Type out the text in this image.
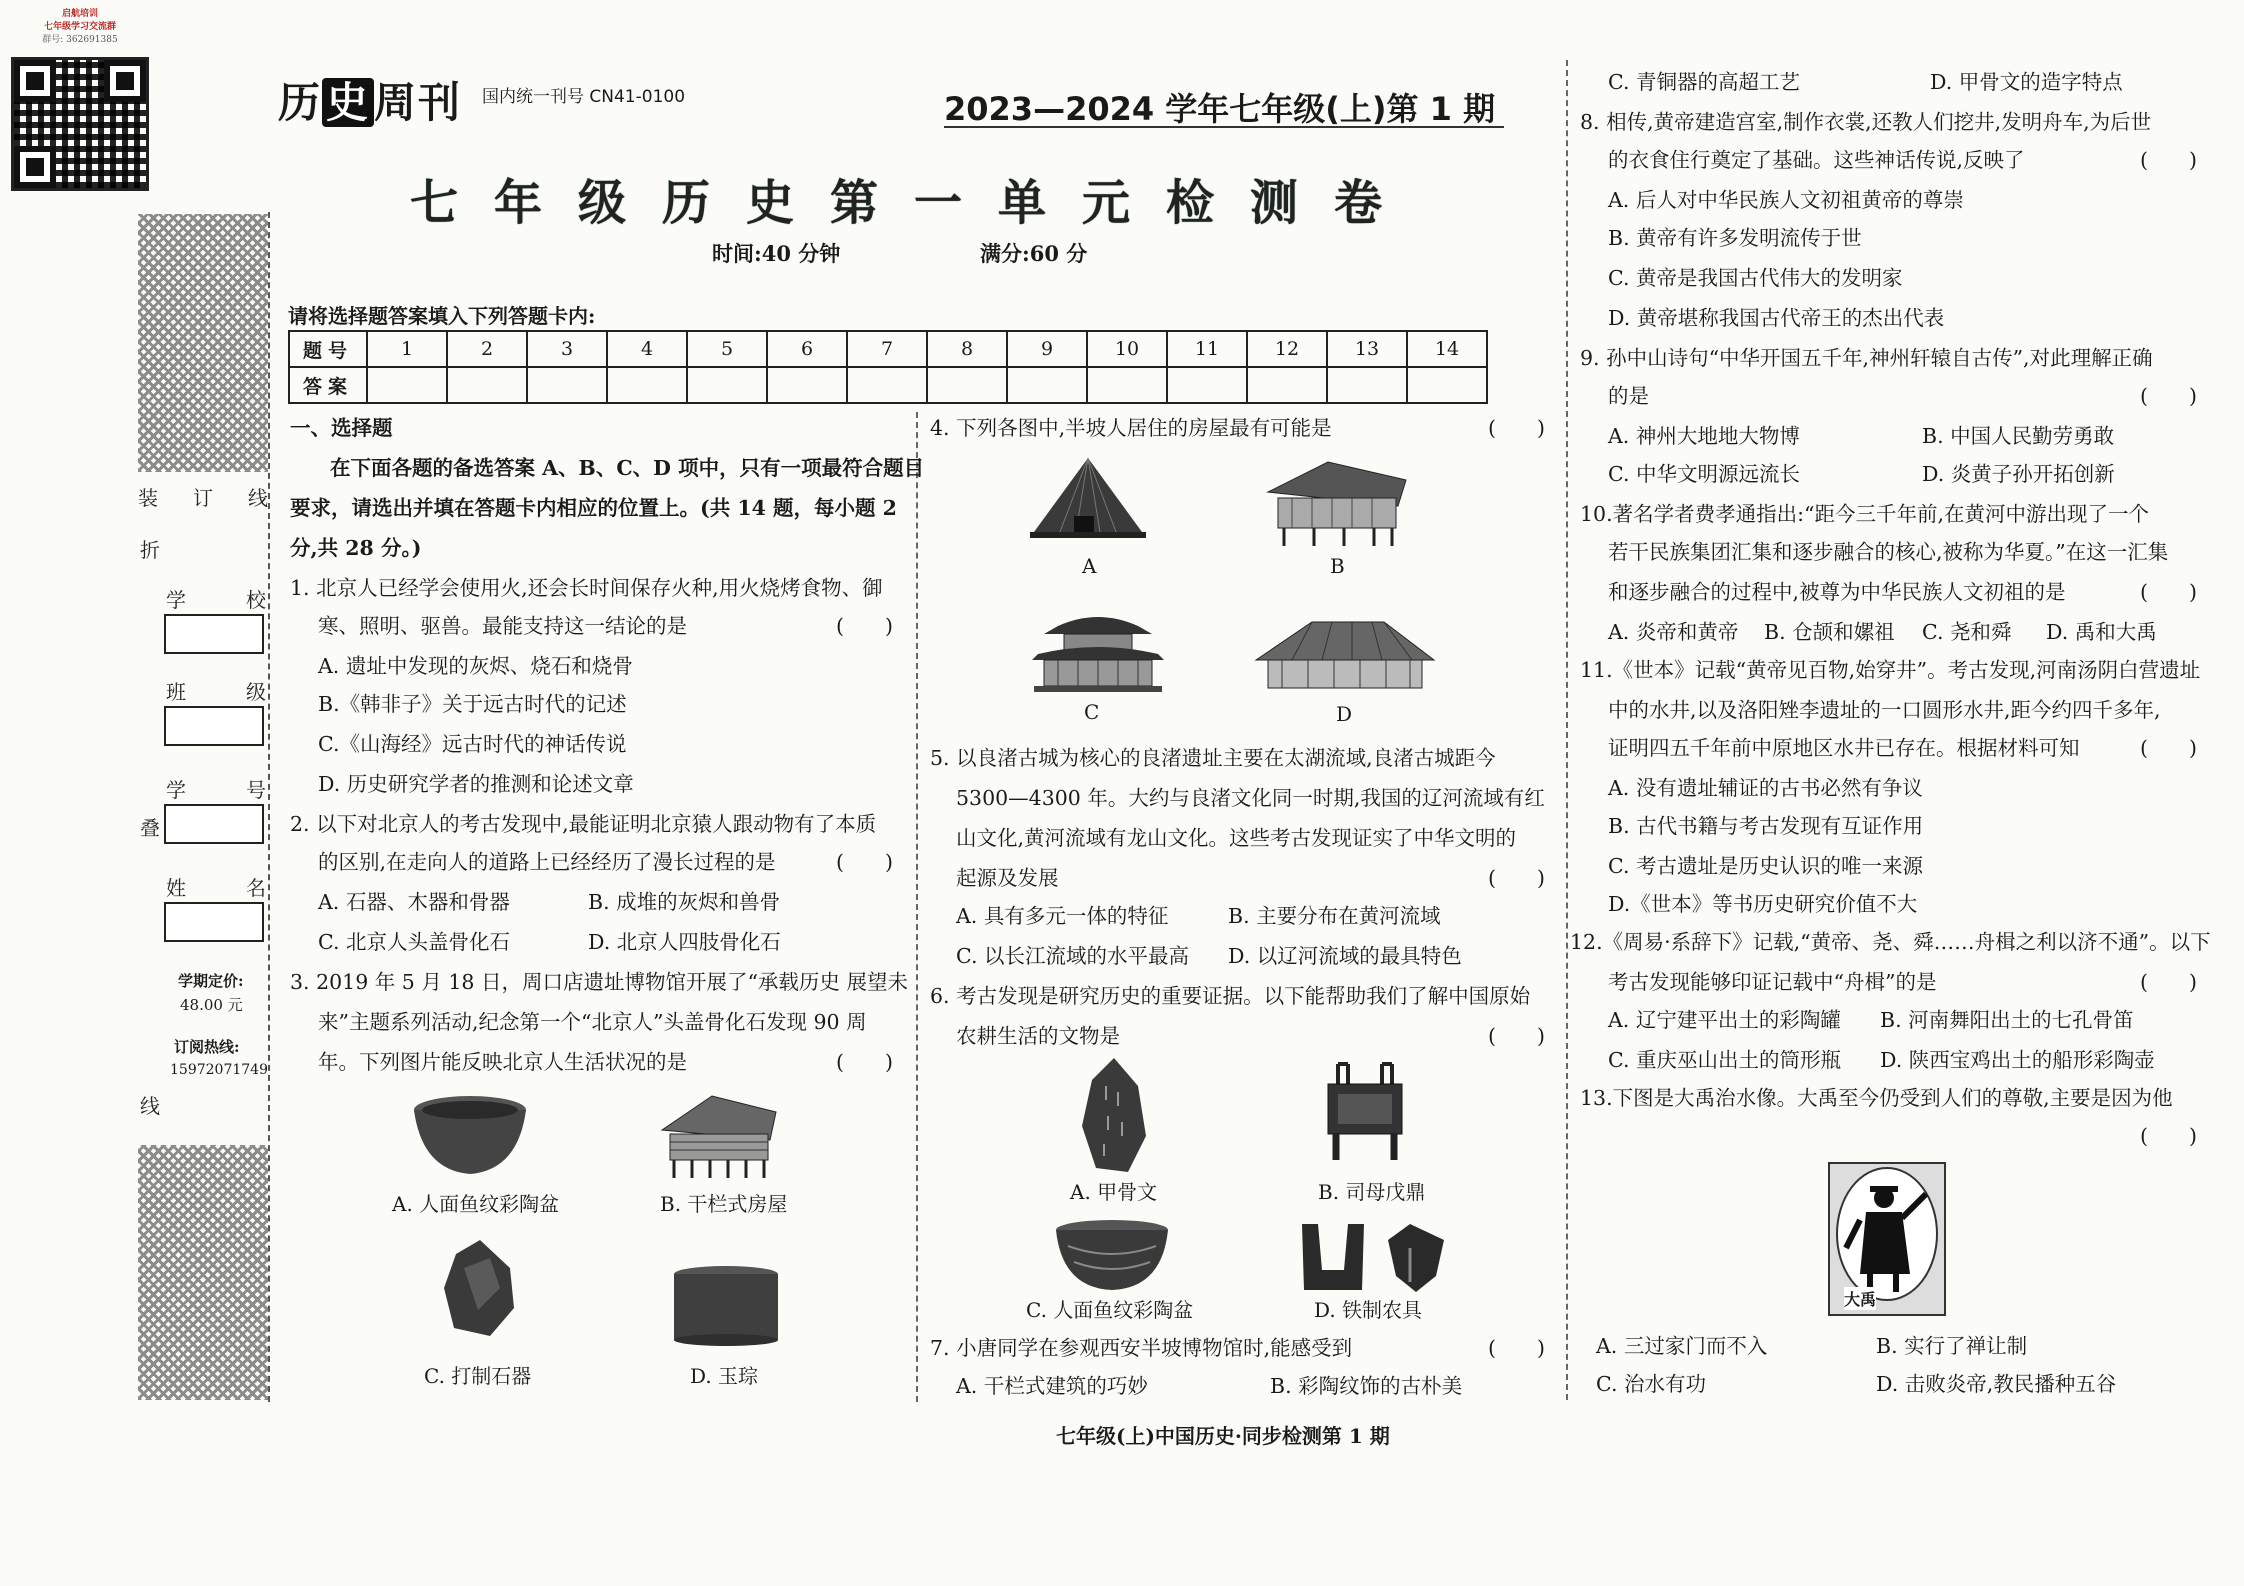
启航培训
七年级学习交流群
群号: 362691385
装 订 线
折
学	校
班	级
学	号
叠
姓	名
学期定价:
48.00 元
订阅热线:
15972071749
线
历史周刊 国内统一刊号 CN41-0100	2023—2024 学年七年级(上)第 1 期
七年级历史第一单元检测卷
时间:40 分钟	满分:60 分
请将选择题答案填入下列答题卡内:
题号	1	2	3	4	5	6	7	8	9	10	11	12	13	14
答案														
一、选择题
在下面各题的备选答案 A、B、C、D 项中，只有一项最符合题目
要求，请选出并填在答题卡内相应的位置上。(共 14 题，每小题 2
分,共 28 分。)
1. 北京人已经学会使用火,还会长时间保存火种,用火烧烤食物、御
寒、照明、驱兽。最能支持这一结论的是	(　　)
A. 遗址中发现的灰烬、烧石和烧骨
B.《韩非子》关于远古时代的记述
C.《山海经》远古时代的神话传说
D. 历史研究学者的推测和论述文章
2. 以下对北京人的考古发现中,最能证明北京猿人跟动物有了本质
的区别,在走向人的道路上已经经历了漫长过程的是	(　　)
A. 石器、木器和骨器	B. 成堆的灰烬和兽骨
C. 北京人头盖骨化石	D. 北京人四肢骨化石
3. 2019 年 5 月 18 日，周口店遗址博物馆开展了“承载历史 展望未
来”主题系列活动,纪念第一个“北京人”头盖骨化石发现 90 周
年。下列图片能反映北京人生活状况的是	(　　)
A. 人面鱼纹彩陶盆	B. 干栏式房屋
C. 打制石器	D. 玉琮
4. 下列各图中,半坡人居住的房屋最有可能是	(　　)
A	B
C	D
5. 以良渚古城为核心的良渚遗址主要在太湖流域,良渚古城距今
5300—4300 年。大约与良渚文化同一时期,我国的辽河流域有红
山文化,黄河流域有龙山文化。这些考古发现证实了中华文明的
起源及发展	(　　)
A. 具有多元一体的特征	B. 主要分布在黄河流域
C. 以长江流域的水平最高 D. 以辽河流域的最具特色
6. 考古发现是研究历史的重要证据。以下能帮助我们了解中国原始
农耕生活的文物是	(　　)
A. 甲骨文	B. 司母戊鼎
C. 人面鱼纹彩陶盆	D. 铁制农具
7. 小唐同学在参观西安半坡博物馆时,能感受到	(　　)
A. 干栏式建筑的巧妙	B. 彩陶纹饰的古朴美
C. 青铜器的高超工艺	D. 甲骨文的造字特点
8. 相传,黄帝建造宫室,制作衣裳,还教人们挖井,发明舟车,为后世
的衣食住行奠定了基础。这些神话传说,反映了	(　　)
A. 后人对中华民族人文初祖黄帝的尊崇
B. 黄帝有许多发明流传于世
C. 黄帝是我国古代伟大的发明家
D. 黄帝堪称我国古代帝王的杰出代表
9. 孙中山诗句“中华开国五千年,神州轩辕自古传”,对此理解正确
的是	(　　)
A. 神州大地地大物博	B. 中国人民勤劳勇敢
C. 中华文明源远流长	D. 炎黄子孙开拓创新
10.著名学者费孝通指出:“距今三千年前,在黄河中游出现了一个
若干民族集团汇集和逐步融合的核心,被称为华夏。”在这一汇集
和逐步融合的过程中,被尊为中华民族人文初祖的是	(　　)
A. 炎帝和黄帝 B. 仓颉和嫘祖 C. 尧和舜 D. 禹和大禹
11.《世本》记载“黄帝见百物,始穿井”。考古发现,河南汤阴白营遗址
中的水井,以及洛阳矬李遗址的一口圆形水井,距今约四千多年,
证明四五千年前中原地区水井已存在。根据材料可知	(　　)
A. 没有遗址辅证的古书必然有争议
B. 古代书籍与考古发现有互证作用
C. 考古遗址是历史认识的唯一来源
D.《世本》等书历史研究价值不大
12.《周易·系辞下》记载,“黄帝、尧、舜……舟楫之利以济不通”。以下
考古发现能够印证记载中“舟楫”的是	(　　)
A. 辽宁建平出土的彩陶罐 B. 河南舞阳出土的七孔骨笛
C. 重庆巫山出土的筒形瓶 D. 陕西宝鸡出土的船形彩陶壶
13.下图是大禹治水像。大禹至今仍受到人们的尊敬,主要是因为他
(　　)
大禹
A. 三过家门而不入	B. 实行了禅让制
C. 治水有功	D. 击败炎帝,教民播种五谷
七年级(上)中国历史·同步检测第 1 期
